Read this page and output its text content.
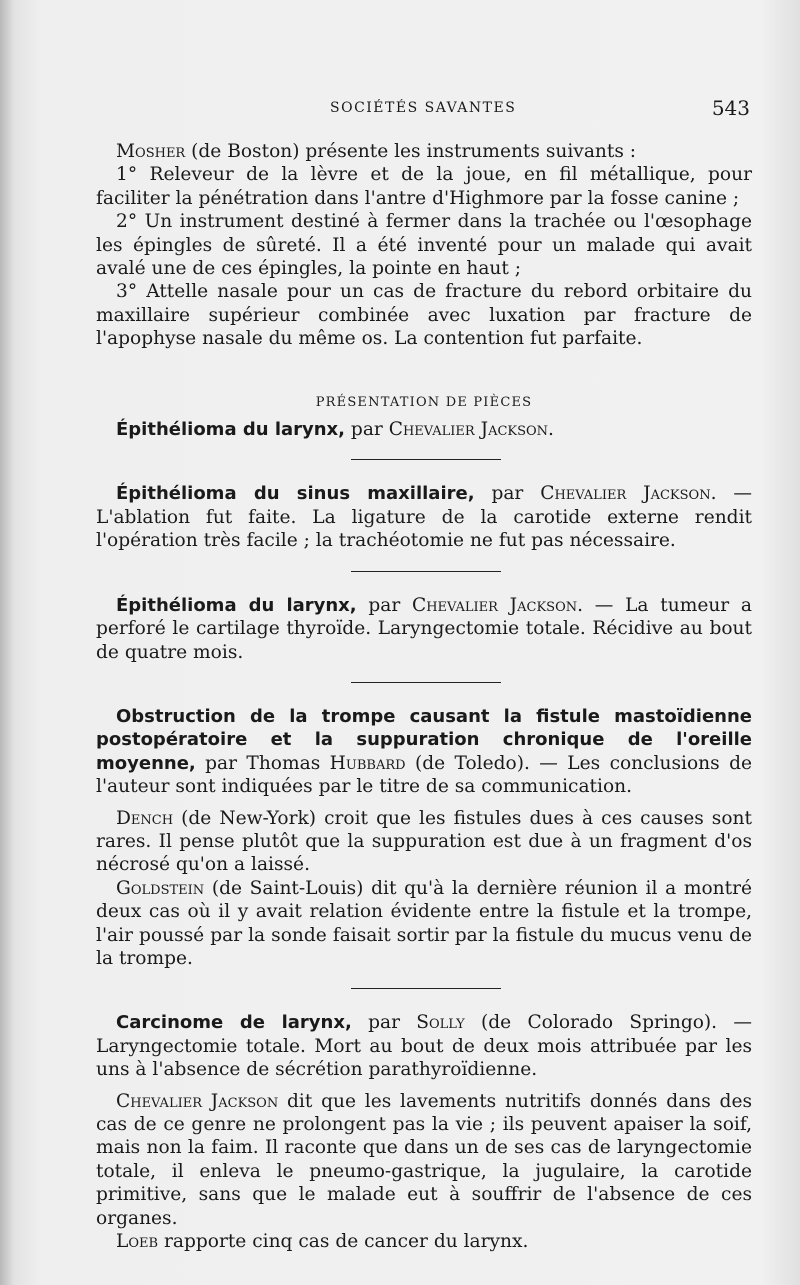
SOCIÉTÉS SAVANTES	543

Mosher (de Boston) présente les instruments suivants :

1° Releveur de la lèvre et de la joue, en fil métallique, pour faciliter la pénétration dans l'antre d'Highmore par la fosse canine ;

2° Un instrument destiné à fermer dans la trachée ou l'œsophage les épingles de sûreté. Il a été inventé pour un malade qui avait avalé une de ces épingles, la pointe en haut ;

3° Attelle nasale pour un cas de fracture du rebord orbitaire du maxillaire supérieur combinée avec luxation par fracture de l'apophyse nasale du même os. La contention fut parfaite.

PRÉSENTATION DE PIÈCES

Épithélioma du larynx, par Chevalier Jackson.

Épithélioma du sinus maxillaire, par Chevalier Jackson. — L'ablation fut faite. La ligature de la carotide externe rendit l'opération très facile ; la trachéotomie ne fut pas nécessaire.

Épithélioma du larynx, par Chevalier Jackson. — La tumeur a perforé le cartilage thyroïde. Laryngectomie totale. Récidive au bout de quatre mois.

Obstruction de la trompe causant la fistule mastoïdienne postopératoire et la suppuration chronique de l'oreille moyenne, par Thomas Hubbard (de Toledo). — Les conclusions de l'auteur sont indiquées par le titre de sa communication.

Dench (de New-York) croit que les fistules dues à ces causes sont rares. Il pense plutôt que la suppuration est due à un fragment d'os nécrosé qu'on a laissé.

Goldstein (de Saint-Louis) dit qu'à la dernière réunion il a montré deux cas où il y avait relation évidente entre la fistule et la trompe, l'air poussé par la sonde faisait sortir par la fistule du mucus venu de la trompe.

Carcinome de larynx, par Solly (de Colorado Springo). — Laryngectomie totale. Mort au bout de deux mois attribuée par les uns à l'absence de sécrétion parathyroïdienne.

Chevalier Jackson dit que les lavements nutritifs donnés dans des cas de ce genre ne prolongent pas la vie ; ils peuvent apaiser la soif, mais non la faim. Il raconte que dans un de ses cas de laryngectomie totale, il enleva le pneumo-gastrique, la jugulaire, la carotide primitive, sans que le malade eut à souffrir de l'absence de ces organes.

Loeb rapporte cinq cas de cancer du larynx.
